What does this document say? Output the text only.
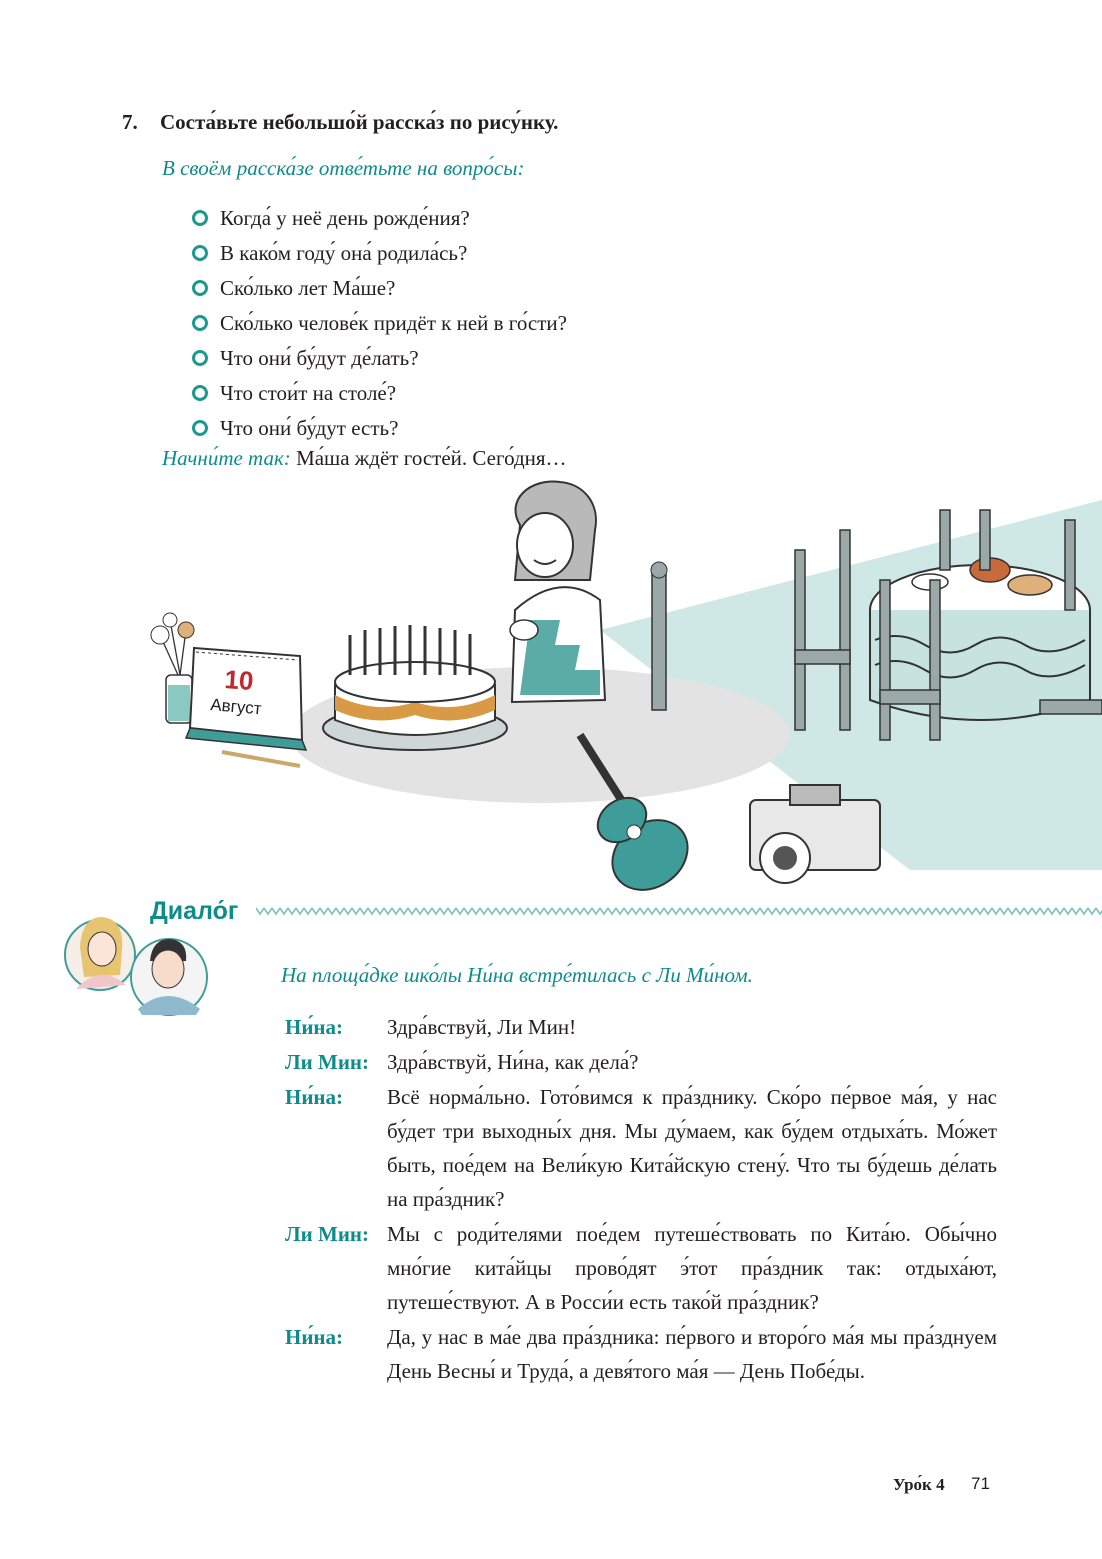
7. Соста́вьте небольшо́й расска́з по рису́нку.
В своём расска́зе отве́тьте на вопро́сы:
Когда́ у неё день рожде́ния?
В како́м году́ она́ родила́сь?
Ско́лько лет Ма́ше?
Ско́лько челове́к придёт к ней в го́сти?
Что они́ бу́дут де́лать?
Что стои́т на столе́?
Что они́ бу́дут есть?
Начни́те так: Ма́ша ждёт госте́й. Сего́дня…
10
Август
Диало́г
На площа́дке шко́лы Ни́на встре́тилась с Ли Ми́ном.
Ни́на:	Здра́вствуй, Ли Мин!
Ли Мин: Здра́вствуй, Ни́на, как дела́?
Ни́на:	Всё норма́льно. Гото́вимся к пра́зднику. Ско́ро пе́рвое ма́я, у нас бу́дет три выходны́х дня. Мы ду́маем, как бу́дем отдыха́ть. Мо́жет быть, пое́дем на Вели́кую Кита́йскую стену́. Что ты бу́дешь де́лать на пра́здник?
Ли Мин: Мы с роди́телями пое́дем путеше́ствовать по Кита́ю. Обы́чно мно́гие кита́йцы прово́дят э́тот пра́здник так: отдыха́ют, путеше́ствуют. А в Росси́и есть тако́й пра́здник?
Ни́на:	Да, у нас в ма́е два пра́здника: пе́рвого и второ́го ма́я мы пра́зднуем День Весны́ и Труда́, а девя́того ма́я — День Побе́ды.
Уро́к 4 71
